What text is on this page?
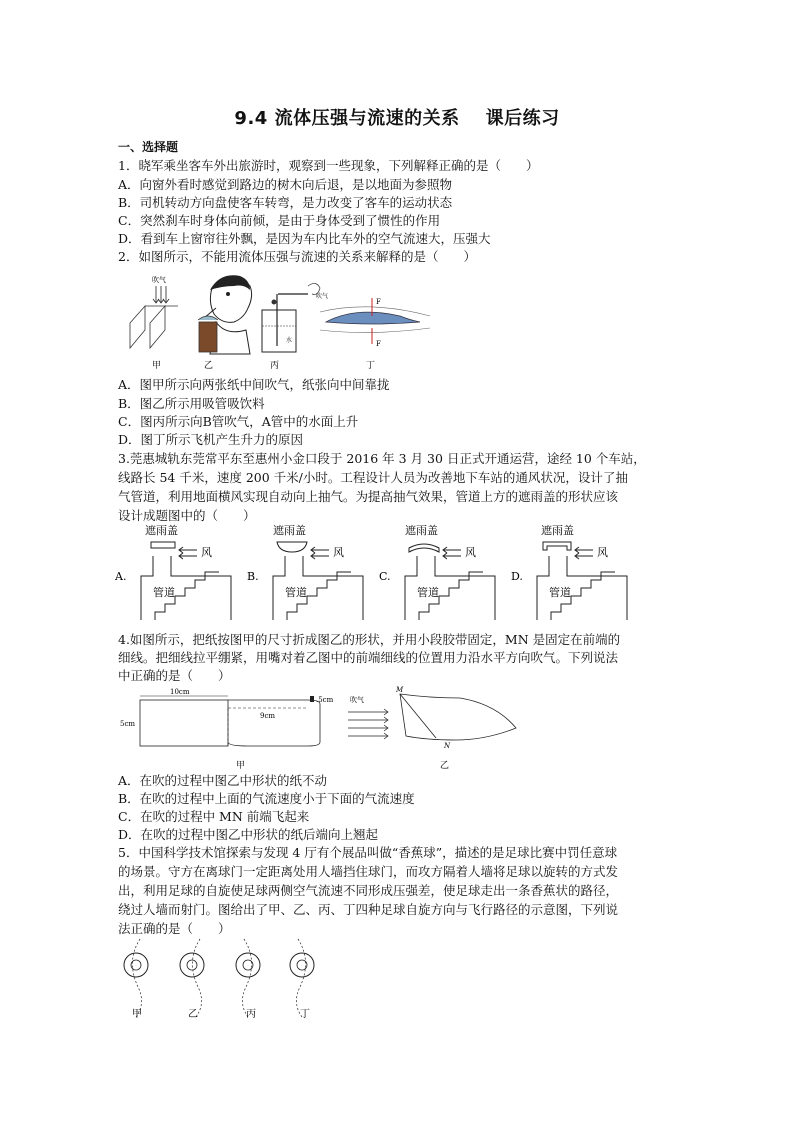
9.4 流体压强与流速的关系 课后练习
一、选择题
1．晓军乘坐客车外出旅游时，观察到一些现象，下列解释正确的是（　　）
A．向窗外看时感觉到路边的树木向后退，是以地面为参照物
B．司机转动方向盘使客车转弯，是力改变了客车的运动状态
C．突然刹车时身体向前倾，是由于身体受到了惯性的作用
D．看到车上窗帘往外飘，是因为车内比车外的空气流速大，压强大
2．如图所示，不能用流体压强与流速的关系来解释的是（　　）
吹气
甲	乙
水
吹气
丙
F
F
丁
A．图甲所示向两张纸中间吹气，纸张向中间靠拢
B．图乙所示用吸管吸饮料
C．图丙所示向B管吹气，A管中的水面上升
D．图丁所示飞机产生升力的原因
3.莞惠城轨东莞常平东至惠州小金口段于 2016 年 3 月 30 日正式开通运营，途经 10 个车站，
线路长 54 千米，速度 200 千米/小时。工程设计人员为改善地下车站的通风状况，设计了抽
气管道，利用地面横风实现自动向上抽气。为提高抽气效果，管道上方的遮雨盖的形状应该
设计成题图中的（　　）
A.
遮雨盖
风
管道
B.
遮雨盖
风
管道
C.
遮雨盖
风
管道
D.
遮雨盖
风
管道
4.如图所示，把纸按图甲的尺寸折成图乙的形状，并用小段胶带固定，MN 是固定在前端的
细线。把细线拉平绷紧，用嘴对着乙图中的前端细线的位置用力沿水平方向吹气。下列说法
中正确的是（　　）
10cm
9cm
5cm
.5cm
甲
吹气
M
N
乙
A．在吹的过程中图乙中形状的纸不动
B．在吹的过程中上面的气流速度小于下面的气流速度
C．在吹的过程中 MN 前端飞起来
D．在吹的过程中图乙中形状的纸后端向上翘起
5．中国科学技术馆探索与发现 4 厅有个展品叫做“香蕉球”，描述的是足球比赛中罚任意球
的场景。守方在离球门一定距离处用人墙挡住球门，而攻方隔着人墙将足球以旋转的方式发
出，利用足球的自旋使足球两侧空气流速不同形成压强差，使足球走出一条香蕉状的路径，
绕过人墙而射门。图给出了甲、乙、丙、丁四种足球自旋方向与飞行路径的示意图，下列说
法正确的是（　　）
甲	乙	丙	丁
